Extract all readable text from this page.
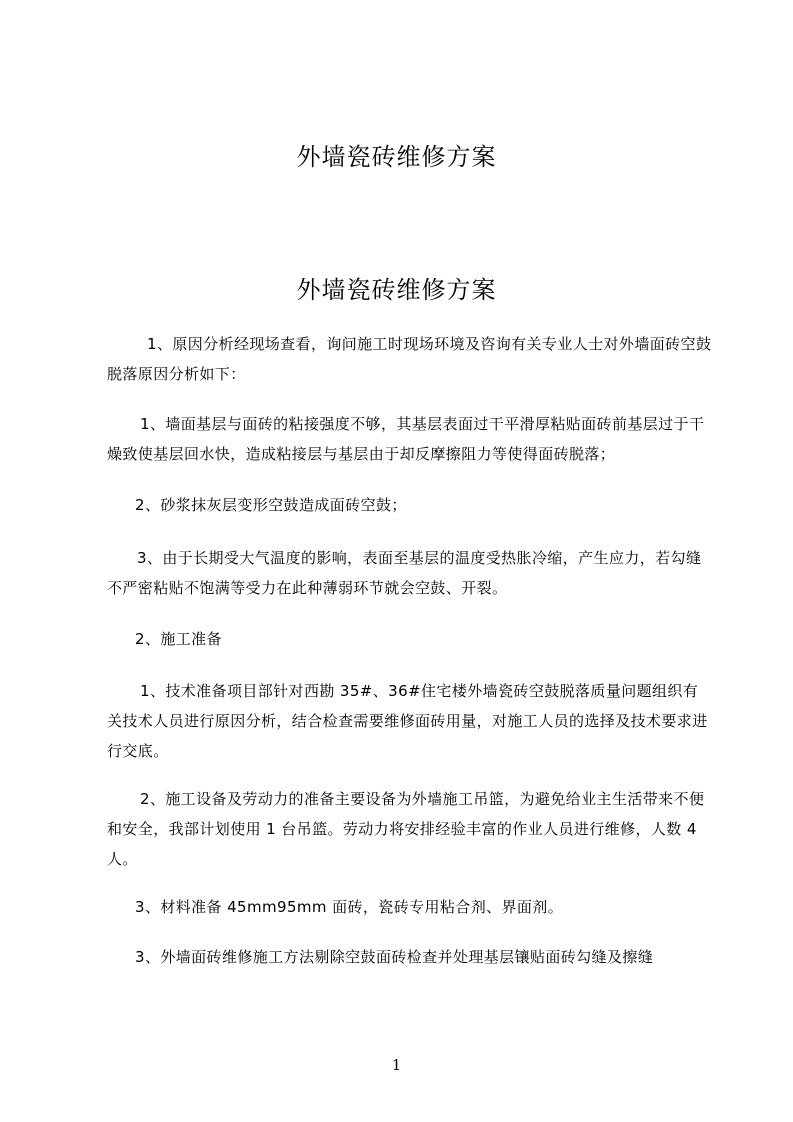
外墙瓷砖维修方案
外墙瓷砖维修方案

1、原因分析经现场查看，询问施工时现场环境及咨询有关专业人士对外墙面砖空鼓脱落原因分析如下：

1、墙面基层与面砖的粘接强度不够，其基层表面过干平滑厚粘贴面砖前基层过于干燥致使基层回水快，造成粘接层与基层由于却反摩擦阻力等使得面砖脱落；

2、砂浆抹灰层变形空鼓造成面砖空鼓；

3、由于长期受大气温度的影响，表面至基层的温度受热胀冷缩，产生应力，若勾缝不严密粘贴不饱满等受力在此种薄弱环节就会空鼓、开裂。

2、施工准备

1、技术准备项目部针对西勘 35#、36#住宅楼外墙瓷砖空鼓脱落质量问题组织有关技术人员进行原因分析，结合检查需要维修面砖用量，对施工人员的选择及技术要求进行交底。

2、施工设备及劳动力的准备主要设备为外墙施工吊篮，为避免给业主生活带来不便和安全，我部计划使用 1 台吊篮。劳动力将安排经验丰富的作业人员进行维修，人数 4 人。

3、材料准备 45mm95mm 面砖，瓷砖专用粘合剂、界面剂。

3、外墙面砖维修施工方法剔除空鼓面砖检查并处理基层镶贴面砖勾缝及擦缝

1
